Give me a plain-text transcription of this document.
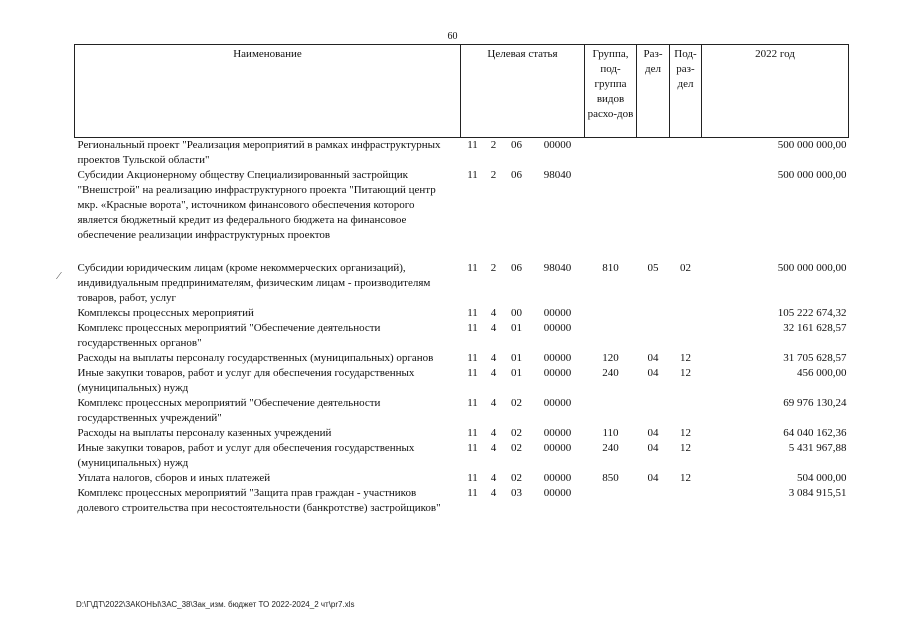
60
Наименование	Целевая статья				Группа, под-группа видов расхо-дов	Раз-дел	Под-раз-дел	2022 год
Региональный проект "Реализация мероприятий в рамках инфраструктурных проектов Тульской области"	11	2	06	00000				500 000 000,00
Субсидии Акционерному обществу Специализированный застройщик "Внешстрой" на реализацию инфраструктурного проекта "Питающий центр мкр. «Красные ворота", источником финансового обеспечения которого является бюджетный кредит из федерального бюджета на финансовое обеспечение реализации инфраструктурных проектов	11	2	06	98040				500 000 000,00
Субсидии юридическим лицам (кроме некоммерческих организаций), индивидуальным предпринимателям, физическим лицам - производителям товаров, работ, услуг	11	2	06	98040	810	05	02	500 000 000,00
Комплексы процессных мероприятий	11	4	00	00000				105 222 674,32
Комплекс процессных мероприятий "Обеспечение деятельности государственных органов"	11	4	01	00000				32 161 628,57
Расходы на выплаты персоналу государственных (муниципальных) органов	11	4	01	00000	120	04	12	31 705 628,57
Иные закупки товаров, работ и услуг для обеспечения государственных (муниципальных) нужд	11	4	01	00000	240	04	12	456 000,00
Комплекс процессных мероприятий "Обеспечение деятельности государственных учреждений"	11	4	02	00000				69 976 130,24
Расходы на выплаты персоналу казенных учреждений	11	4	02	00000	110	04	12	64 040 162,36
Иные закупки товаров, работ и услуг для обеспечения государственных (муниципальных) нужд	11	4	02	00000	240	04	12	5 431 967,88
Уплата налогов, сборов и иных платежей	11	4	02	00000	850	04	12	504 000,00
Комплекс процессных мероприятий "Защита прав граждан - участников долевого строительства при несостоятельности (банкротстве) застройщиков"	11	4	03	00000				3 084 915,51
⁄
D:\Г\ДТ\2022\ЗАКОНЫ\ЗАС_38\Зак_изм. бюджет ТО 2022-2024_2 чт\pr7.xls
